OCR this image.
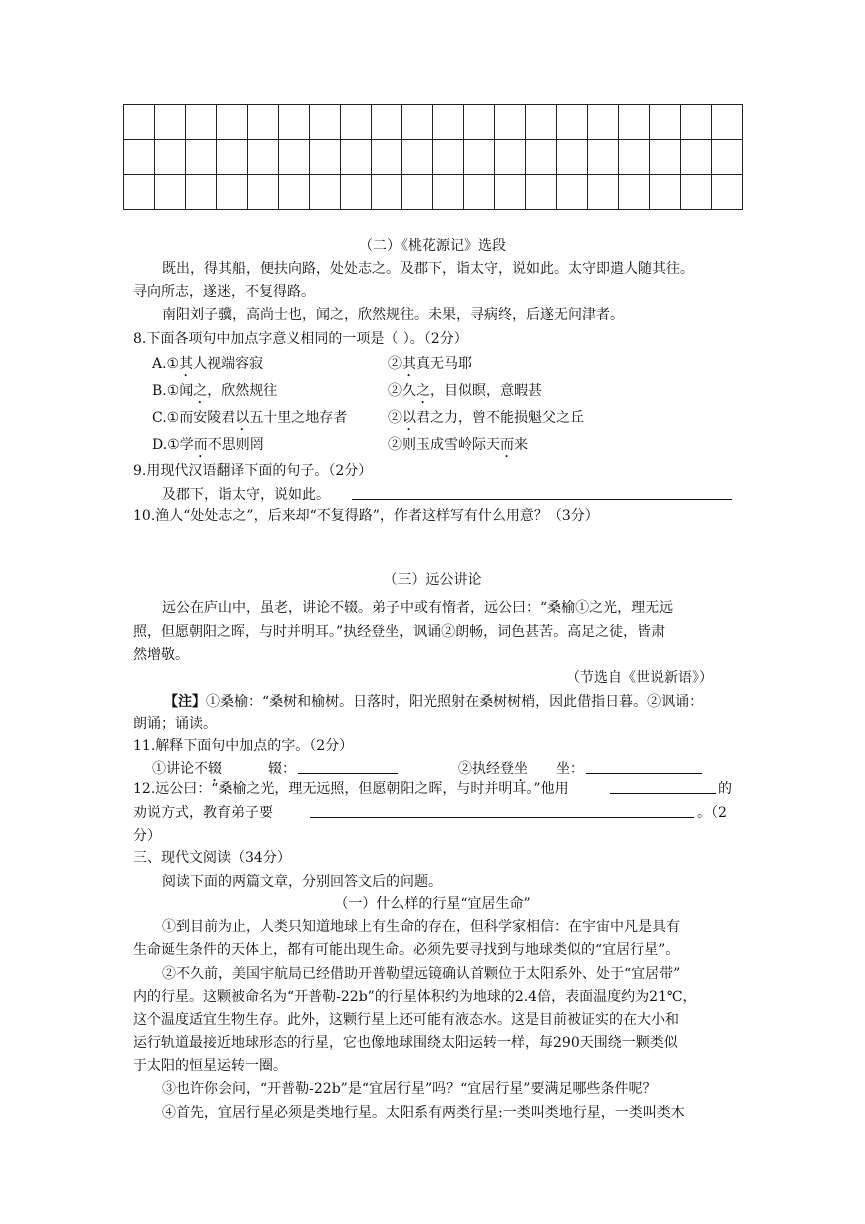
（二）《桃花源记》选段
既出，得其船，便扶向路，处处志之。及郡下，诣太守，说如此。太守即遣人随其往。
寻向所志，遂迷，不复得路。
南阳刘子骥，高尚士也，闻之，欣然规往。未果，寻病终，后遂无问津者。
8.下面各项句中加点字意义相同的一项是（ ）。（2分）
A.①其人视端容寂	②其真无马耶
B.①闻之，欣然规往	②久之，目似瞑，意暇甚
C.①而安陵君以五十里之地存者	②以君之力，曾不能损魁父之丘
D.①学而不思则罔	②则玉成雪岭际天而来
9.用现代汉语翻译下面的句子。（2分）
及郡下，诣太守，说如此。
10.渔人“处处志之”，后来却“不复得路”，作者这样写有什么用意？（3分）
（三）远公讲论
远公在庐山中，虽老，讲论不辍。弟子中或有惰者，远公曰：“桑榆①之光，理无远
照，但愿朝阳之晖，与时并明耳。”执经登坐，讽诵②朗畅，词色甚苦。高足之徒，皆肃
然增敬。
（节选自《世说新语》）
【注】①桑榆：“桑树和榆树。日落时，阳光照射在桑树树梢，因此借指日暮。②讽诵：
朗诵；诵读。
11.解释下面句中加点的字。（2分）
①讲论不辍	辍：	②执经登坐 坐：
12.远公曰：“桑榆之光，理无远照，但愿朝阳之晖，与时并明耳。”他用	的
劝说方式，教育弟子要	。（2
分）
三、现代文阅读（34分）
阅读下面的两篇文章，分别回答文后的问题。
（一）什么样的行星“宜居生命”
①到目前为止，人类只知道地球上有生命的存在，但科学家相信：在宇宙中凡是具有
生命诞生条件的天体上，都有可能出现生命。必须先要寻找到与地球类似的“宜居行星”。
②不久前，美国宇航局已经借助开普勒望远镜确认首颗位于太阳系外、处于“宜居带”
内的行星。这颗被命名为“开普勒-22b”的行星体积约为地球的2.4倍，表面温度约为21℃，
这个温度适宜生物生存。此外，这颗行星上还可能有液态水。这是目前被证实的在大小和
运行轨道最接近地球形态的行星，它也像地球围绕太阳运转一样，每290天围绕一颗类似
于太阳的恒星运转一圈。
③也许你会问，“开普勒-22b”是“宜居行星”吗？“宜居行星”要满足哪些条件呢？
④首先，宜居行星必须是类地行星。太阳系有两类行星:一类叫类地行星，一类叫类木
